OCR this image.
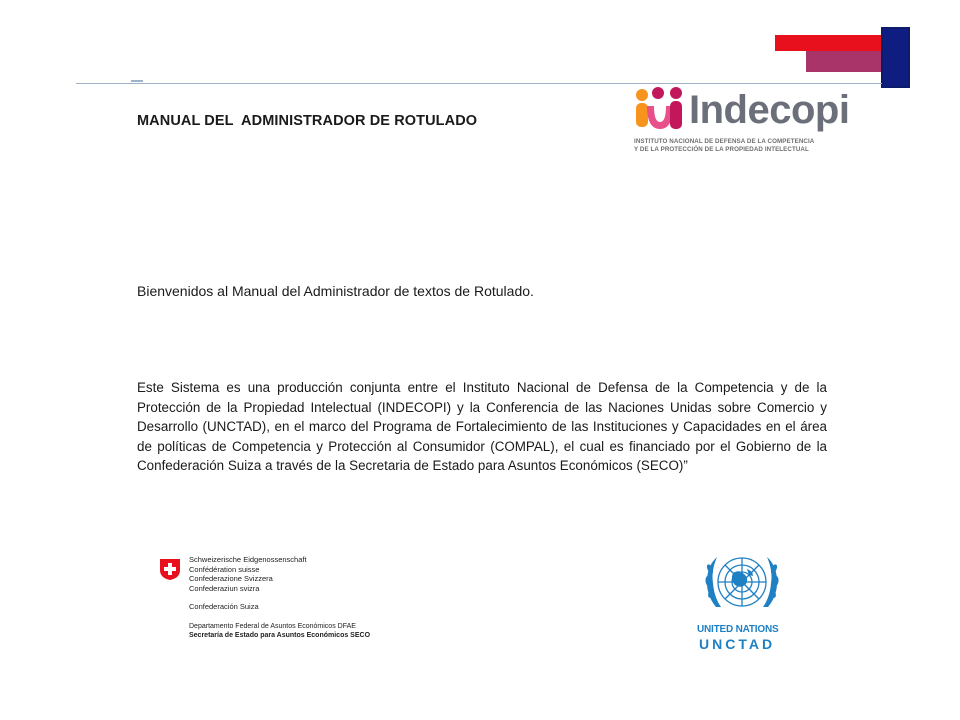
MANUAL DEL  ADMINISTRADOR DE ROTULADO	Indecopi
INSTITUTO NACIONAL DE DEFENSA DE LA COMPETENCIA
Y DE LA PROTECCIÓN DE LA PROPIEDAD INTELECTUAL
Bienvenidos al Manual del Administrador de textos de Rotulado.
Este Sistema es una producción conjunta entre el Instituto Nacional de Defensa de la Competencia y de la Protección de la Propiedad Intelectual (INDECOPI) y la Conferencia de las Naciones Unidas sobre Comercio y Desarrollo (UNCTAD), en el marco del Programa de Fortalecimiento de las Instituciones y Capacidades en el área de políticas de Competencia y Protección al Consumidor (COMPAL), el cual es financiado por el Gobierno de la Confederación Suiza a través de la Secretaria de Estado para Asuntos Económicos (SECO)”
Schweizerische Eidgenossenschaft
Confédération suisse
Confederazione Svizzera
Confederaziun svizra
Confederación Suiza
Departamento Federal de Asuntos Económicos DFAE
Secretaría de Estado para Asuntos Económicos SECO
UNITED NATIONS
UNCTAD
